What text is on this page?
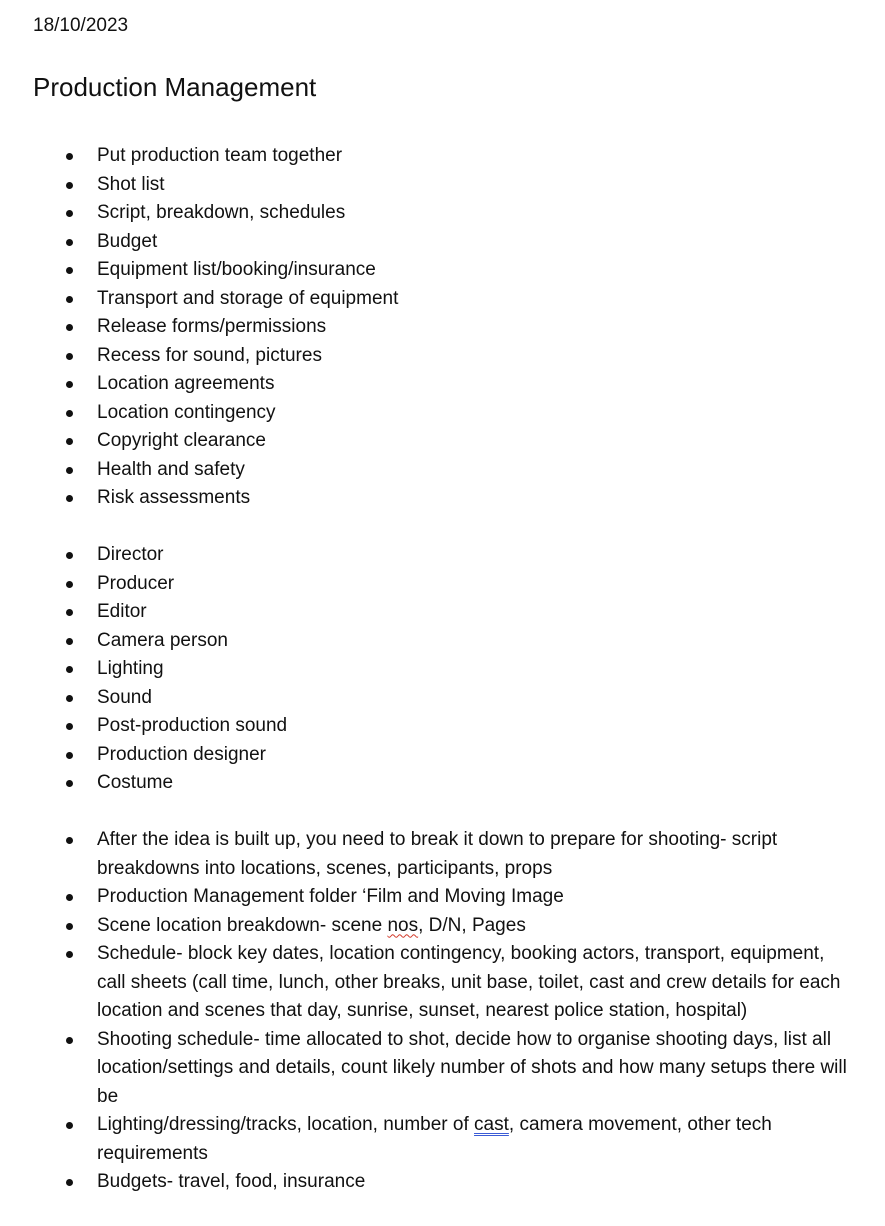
18/10/2023
Production Management
Put production team together
Shot list
Script, breakdown, schedules
Budget
Equipment list/booking/insurance
Transport and storage of equipment
Release forms/permissions
Recess for sound, pictures
Location agreements
Location contingency
Copyright clearance
Health and safety
Risk assessments
Director
Producer
Editor
Camera person
Lighting
Sound
Post-production sound
Production designer
Costume
After the idea is built up, you need to break it down to prepare for shooting- script breakdowns into locations, scenes, participants, props
Production Management folder ‘Film and Moving Image
Scene location breakdown- scene nos, D/N, Pages
Schedule- block key dates, location contingency, booking actors, transport, equipment, call sheets (call time, lunch, other breaks, unit base, toilet, cast and crew details for each location and scenes that day, sunrise, sunset, nearest police station, hospital)
Shooting schedule- time allocated to shot, decide how to organise shooting days, list all location/settings and details, count likely number of shots and how many setups there will be
Lighting/dressing/tracks, location, number of cast, camera movement, other tech requirements
Budgets- travel, food, insurance
